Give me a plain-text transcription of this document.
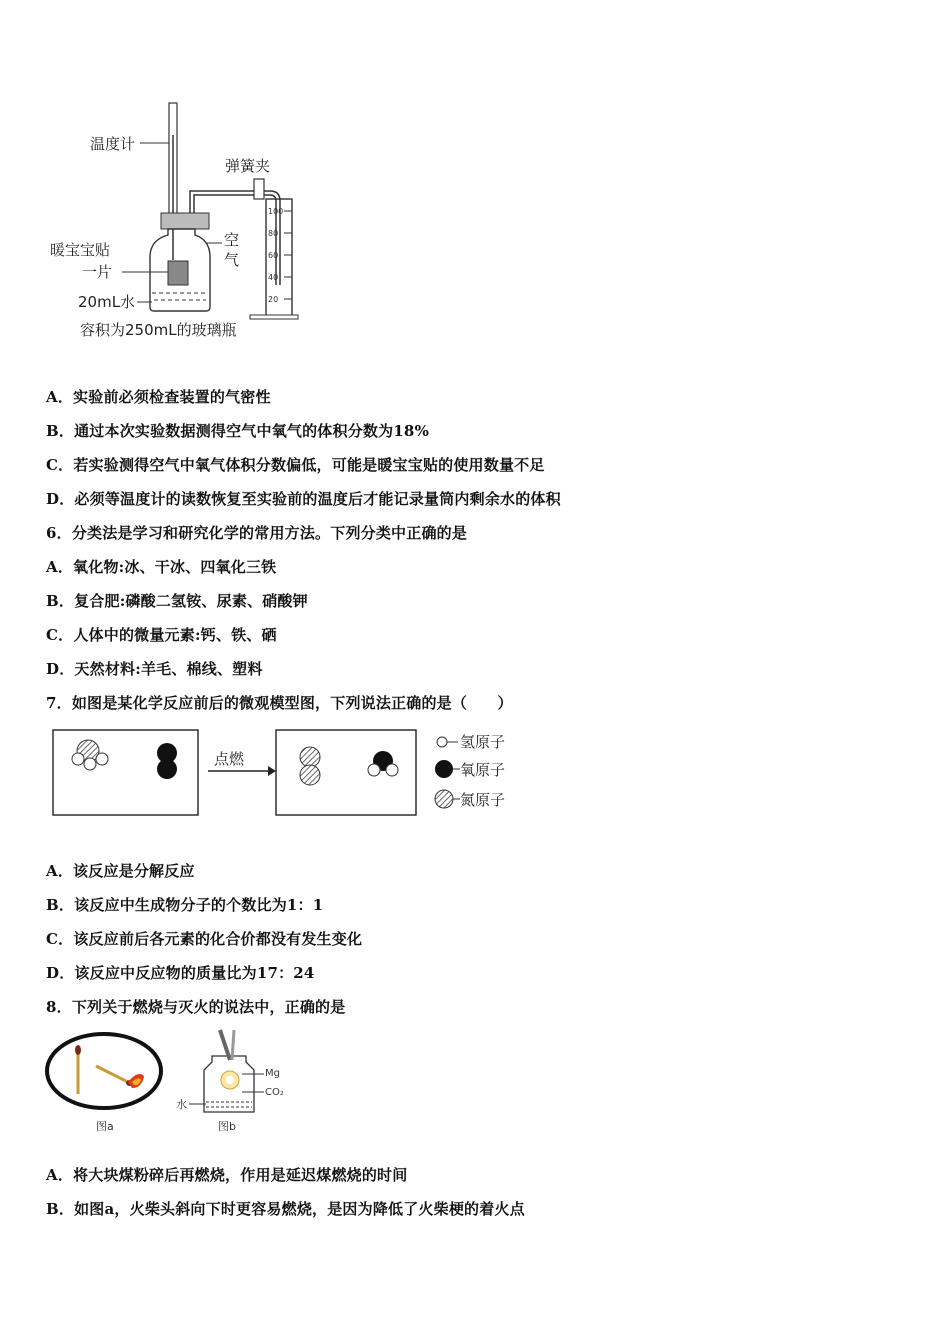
温度计
弹簧夹
100
80
60
40
20
空
气
暖宝宝贴
一片
20mL水
容积为250mL的玻璃瓶
A．实验前必须检查装置的气密性
B．通过本次实验数据测得空气中氧气的体积分数为18%
C．若实验测得空气中氧气体积分数偏低，可能是暖宝宝贴的使用数量不足
D．必须等温度计的读数恢复至实验前的温度后才能记录量筒内剩余水的体积
6．分类法是学习和研究化学的常用方法。下列分类中正确的是
A．氧化物:冰、干冰、四氧化三铁
B．复合肥:磷酸二氢铵、尿素、硝酸钾
C．人体中的微量元素:钙、铁、硒
D．天然材料:羊毛、棉线、塑料
7．如图是某化学反应前后的微观模型图，下列说法正确的是（　　）
点燃
氢原子
氧原子
氮原子
A．该反应是分解反应
B．该反应中生成物分子的个数比为1：1
C．该反应前后各元素的化合价都没有发生变化
D．该反应中反应物的质量比为17：24
8．下列关于燃烧与灭火的说法中，正确的是
图a
Mg
CO₂
水
图b
A．将大块煤粉碎后再燃烧，作用是延迟煤燃烧的时间
B．如图a，火柴头斜向下时更容易燃烧，是因为降低了火柴梗的着火点
